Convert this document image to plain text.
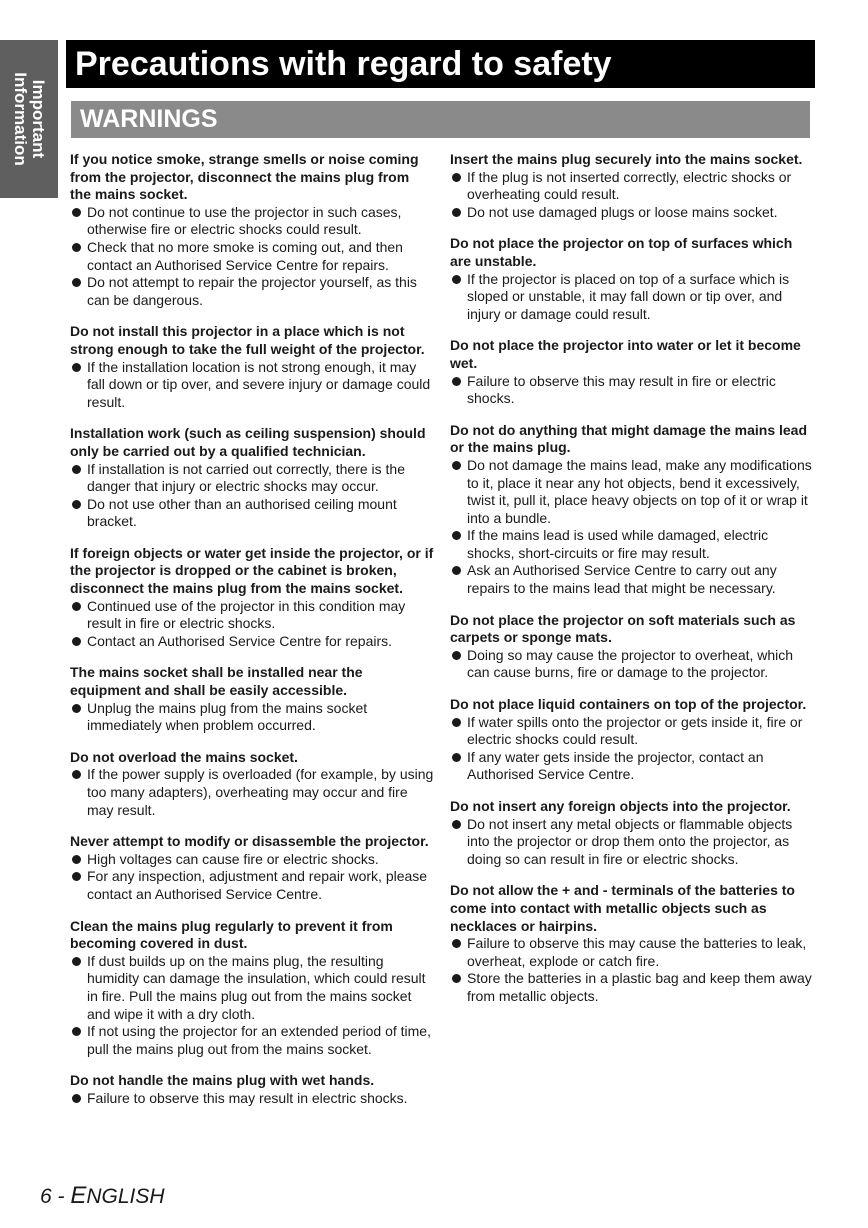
Important
Information
Precautions with regard to safety
WARNINGS
If you notice smoke, strange smells or noise coming from the projector, disconnect the mains plug from the mains socket.
Do not continue to use the projector in such cases, otherwise fire or electric shocks could result.
Check that no more smoke is coming out, and then contact an Authorised Service Centre for repairs.
Do not attempt to repair the projector yourself, as this can be dangerous.
Do not install this projector in a place which is not strong enough to take the full weight of the projector.
If the installation location is not strong enough, it may fall down or tip over, and severe injury or damage could result.
Installation work (such as ceiling suspension) should only be carried out by a qualified technician.
If installation is not carried out correctly, there is the danger that injury or electric shocks may occur.
Do not use other than an authorised ceiling mount bracket.
If foreign objects or water get inside the projector, or if the projector is dropped or the cabinet is broken, disconnect the mains plug from the mains socket.
Continued use of the projector in this condition may result in fire or electric shocks.
Contact an Authorised Service Centre for repairs.
The mains socket shall be installed near the equipment and shall be easily accessible.
Unplug the mains plug from the mains socket immediately when problem occurred.
Do not overload the mains socket.
If the power supply is overloaded (for example, by using too many adapters), overheating may occur and fire may result.
Never attempt to modify or disassemble the projector.
High voltages can cause fire or electric shocks.
For any inspection, adjustment and repair work, please contact an Authorised Service Centre.
Clean the mains plug regularly to prevent it from becoming covered in dust.
If dust builds up on the mains plug, the resulting humidity can damage the insulation, which could result in fire. Pull the mains plug out from the mains socket and wipe it with a dry cloth.
If not using the projector for an extended period of time, pull the mains plug out from the mains socket.
Do not handle the mains plug with wet hands.
Failure to observe this may result in electric shocks.
Insert the mains plug securely into the mains socket.
If the plug is not inserted correctly, electric shocks or overheating could result.
Do not use damaged plugs or loose mains socket.
Do not place the projector on top of surfaces which are unstable.
If the projector is placed on top of a surface which is sloped or unstable, it may fall down or tip over, and injury or damage could result.
Do not place the projector into water or let it become wet.
Failure to observe this may result in fire or electric shocks.
Do not do anything that might damage the mains lead or the mains plug.
Do not damage the mains lead, make any modifications to it, place it near any hot objects, bend it excessively, twist it, pull it, place heavy objects on top of it or wrap it into a bundle.
If the mains lead is used while damaged, electric shocks, short-circuits or fire may result.
Ask an Authorised Service Centre to carry out any repairs to the mains lead that might be necessary.
Do not place the projector on soft materials such as carpets or sponge mats.
Doing so may cause the projector to overheat, which can cause burns, fire or damage to the projector.
Do not place liquid containers on top of the projector.
If water spills onto the projector or gets inside it, fire or electric shocks could result.
If any water gets inside the projector, contact an Authorised Service Centre.
Do not insert any foreign objects into the projector.
Do not insert any metal objects or flammable objects into the projector or drop them onto the projector, as doing so can result in fire or electric shocks.
Do not allow the + and - terminals of the batteries to come into contact with metallic objects such as necklaces or hairpins.
Failure to observe this may cause the batteries to leak, overheat, explode or catch fire.
Store the batteries in a plastic bag and keep them away from metallic objects.
6 - ENGLISH
